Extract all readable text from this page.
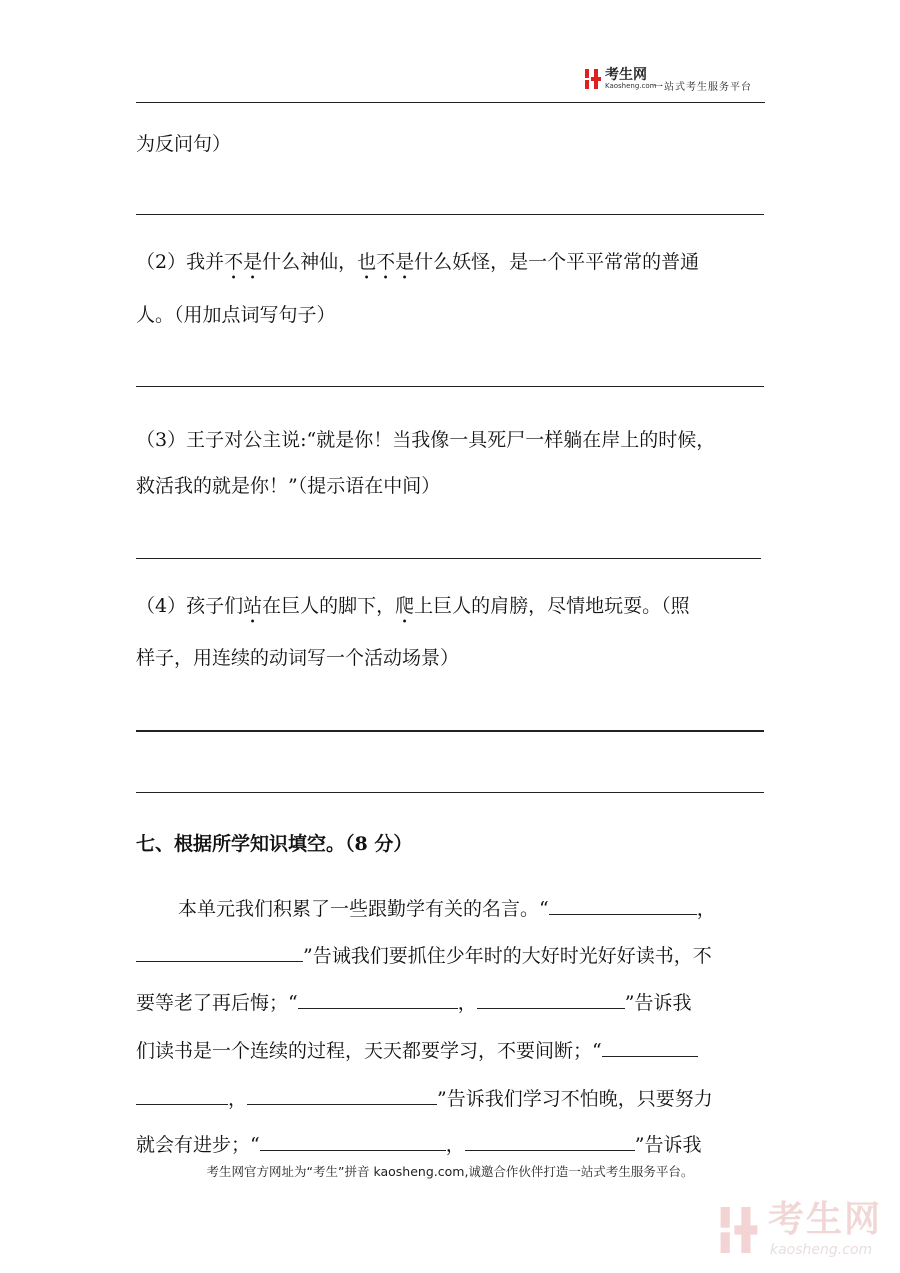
考生网
Kaosheng.com
一站式考生服务平台
为反问句）
（2）我并不是什么神仙，也不是什么妖怪，是一个平平常常的普通
人。（用加点词写句子）
（3）王子对公主说:“就是你！当我像一具死尸一样躺在岸上的时候，
救活我的就是你！”（提示语在中间）
（4）孩子们站在巨人的脚下，爬上巨人的肩膀，尽情地玩耍。（照
样子，用连续的动词写一个活动场景）
七、根据所学知识填空。（8 分）
本单元我们积累了一些跟勤学有关的名言。“	，
”告诫我们要抓住少年时的大好时光好好读书，不
要等老了再后悔；“	，	”告诉我
们读书是一个连续的过程，天天都要学习，不要间断；“
，	”告诉我们学习不怕晚，只要努力
就会有进步；“	，	”告诉我
考生网官方网址为“考生”拼音 kaosheng.com,诚邀合作伙伴打造一站式考生服务平台。
考生网
kaosheng.com
